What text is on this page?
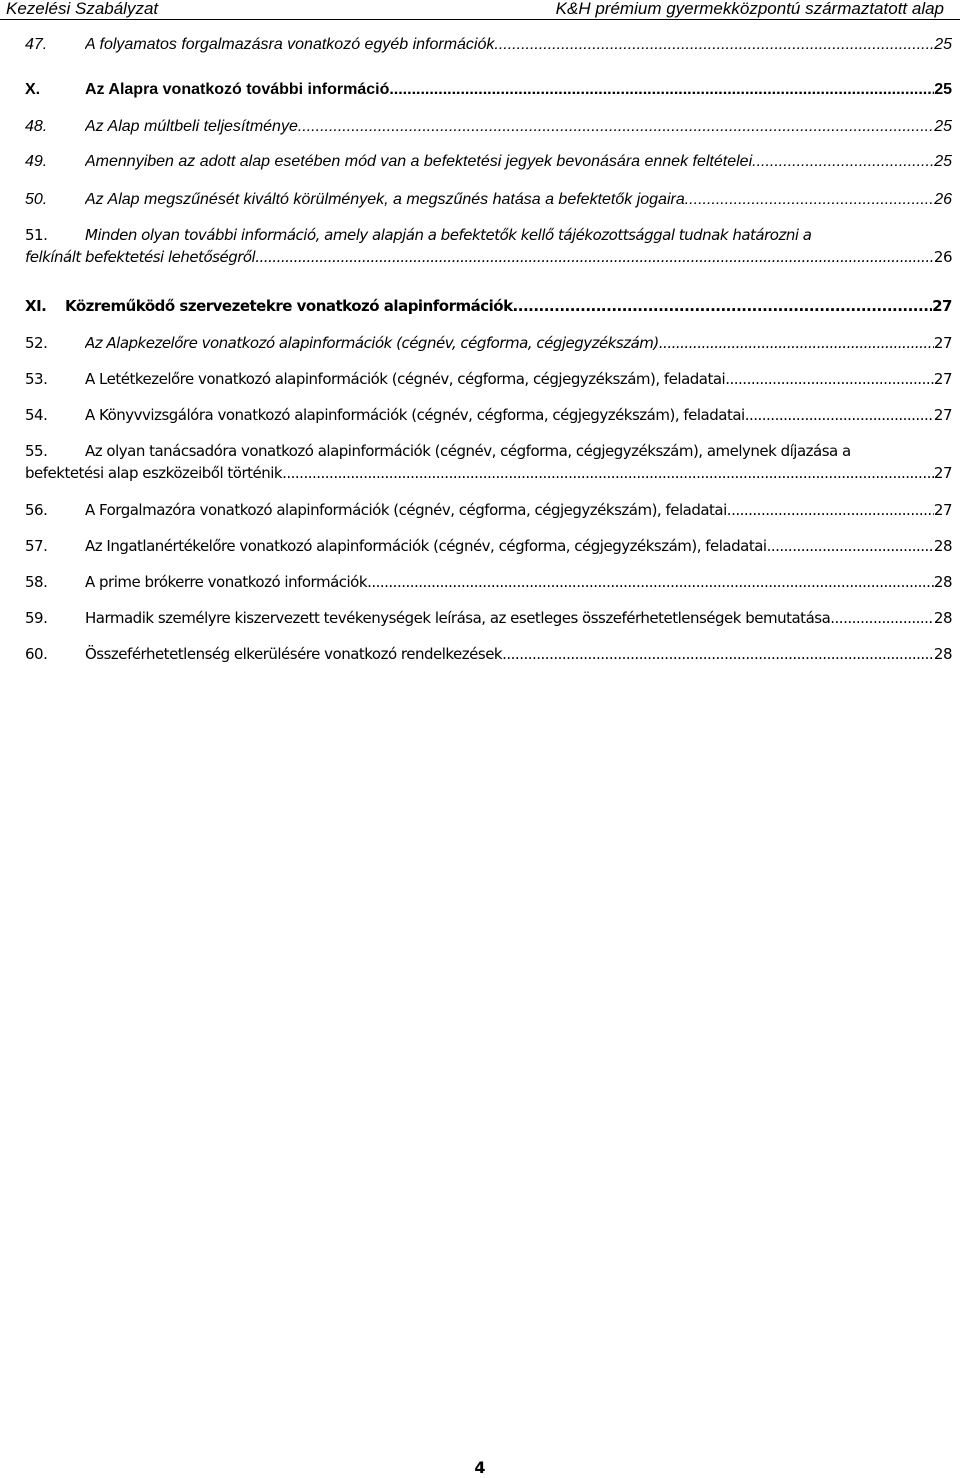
Kezelési Szabályzat	K&H prémium gyermekközpontú származtatott alap
47. A folyamatos forgalmazásra vonatkozó egyéb információk .....	25
X.	Az Alapra vonatkozó további információ .....	25
48. Az Alap múltbeli teljesítménye .....	25
49. Amennyiben az adott alap esetében mód van a befektetési jegyek bevonására ennek feltételei .....	25
50. Az Alap megszűnését kiváltó körülmények, a megszűnés hatása a befektetők jogaira .....	26
51.	Minden olyan további információ, amely alapján a befektetők kellő tájékozottsággal tudnak határozni a
felkínált befektetési lehetőségről .....	26
XI. Közreműködő szervezetekre vonatkozó alapinformációk .....	27
52.	Az Alapkezelőre vonatkozó alapinformációk (cégnév, cégforma, cégjegyzékszám) .....	27
53.	A Letétkezelőre vonatkozó alapinformációk (cégnév, cégforma, cégjegyzékszám), feladatai .....	27
54.	A Könyvvizsgálóra vonatkozó alapinformációk (cégnév, cégforma, cégjegyzékszám), feladatai .....	27
55.	Az olyan tanácsadóra vonatkozó alapinformációk (cégnév, cégforma, cégjegyzékszám), amelynek díjazása a
befektetési alap eszközeiből történik .....	27
56.	A Forgalmazóra vonatkozó alapinformációk (cégnév, cégforma, cégjegyzékszám), feladatai .....	27
57.	Az Ingatlanértékelőre vonatkozó alapinformációk (cégnév, cégforma, cégjegyzékszám), feladatai .....	28
58.	A prime brókerre vonatkozó információk .....	28
59.	Harmadik személyre kiszervezett tevékenységek leírása, az esetleges összeférhetetlenségek bemutatása .....	28
60.	Összeférhetetlenség elkerülésére vonatkozó rendelkezések .....	28
4
